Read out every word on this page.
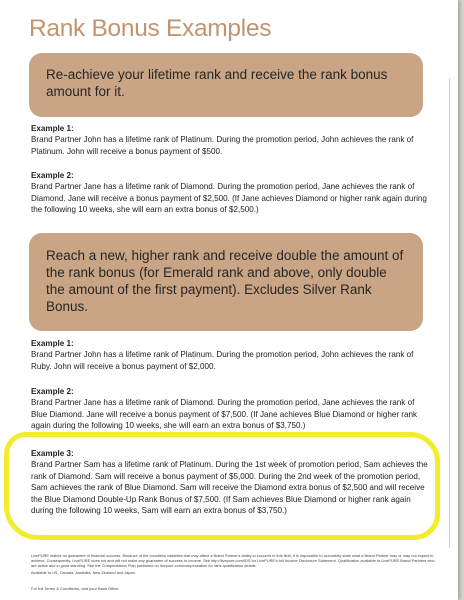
Rank Bonus Examples
Re-achieve your lifetime rank and receive the rank bonus amount for it.
Example 1:
Brand Partner John has a lifetime rank of Platinum. During the promotion period, John achieves the rank of Platinum. John will receive a bonus payment of $500.
Example 2:
Brand Partner Jane has a lifetime rank of Diamond. During the promotion period, Jane achieves the rank of Diamond. Jane will receive a bonus payment of $2,500. (If Jane achieves Diamond or higher rank again during the following 10 weeks, she will earn an extra bonus of $2,500.)
Reach a new, higher rank and receive double the amount of the rank bonus (for Emerald rank and above, only double the amount of the first payment). Excludes Silver Rank Bonus.
Example 1:
Brand Partner John has a lifetime rank of Platinum. During the promotion period, John achieves the rank of Ruby. John will receive a bonus payment of $2,000.
Example 2:
Brand Partner Jane has a lifetime rank of Diamond. During the promotion period, Jane achieves the rank of Blue Diamond. Jane will receive a bonus payment of $7,500. (If Jane achieves Blue Diamond or higher rank again during the following 10 weeks, she will earn an extra bonus of $3,750.)
Example 3:
Brand Partner Sam has a lifetime rank of Platinum. During the 1st week of promotion period, Sam achieves the rank of Diamond. Sam will receive a bonus payment of $5,000. During the 2nd week of the promotion period, Sam achieves the rank of Blue Diamond. Sam will receive the Diamond extra bonus of $2,500 and will receive the Blue Diamond Double-Up Rank Bonus of $7,500. (If Sam achieves Blue Diamond or higher rank again during the following 10 weeks, Sam will earn an extra bonus of $3,750.)

LivePURE makes no guarantee of financial success. Because of the countless variables that may affect a Brand Partner's ability to succeed in this field, it is impossible to accurately state what a Brand Partner may or may not expect to achieve. Consequently, LivePURE does not and will not make any guarantee of success or income. See http://livepure.com/IDS for LivePURE's full Income Disclosure Statement. Qualification available to LivePURE Brand Partners who are active and in good standing. See the Compensation Plan published on livepure.com/compensation for rank qualification details.

Available to US, Canada, Australia, New Zealand and Japan.

For full Terms & Conditions, visit your Back Office.
